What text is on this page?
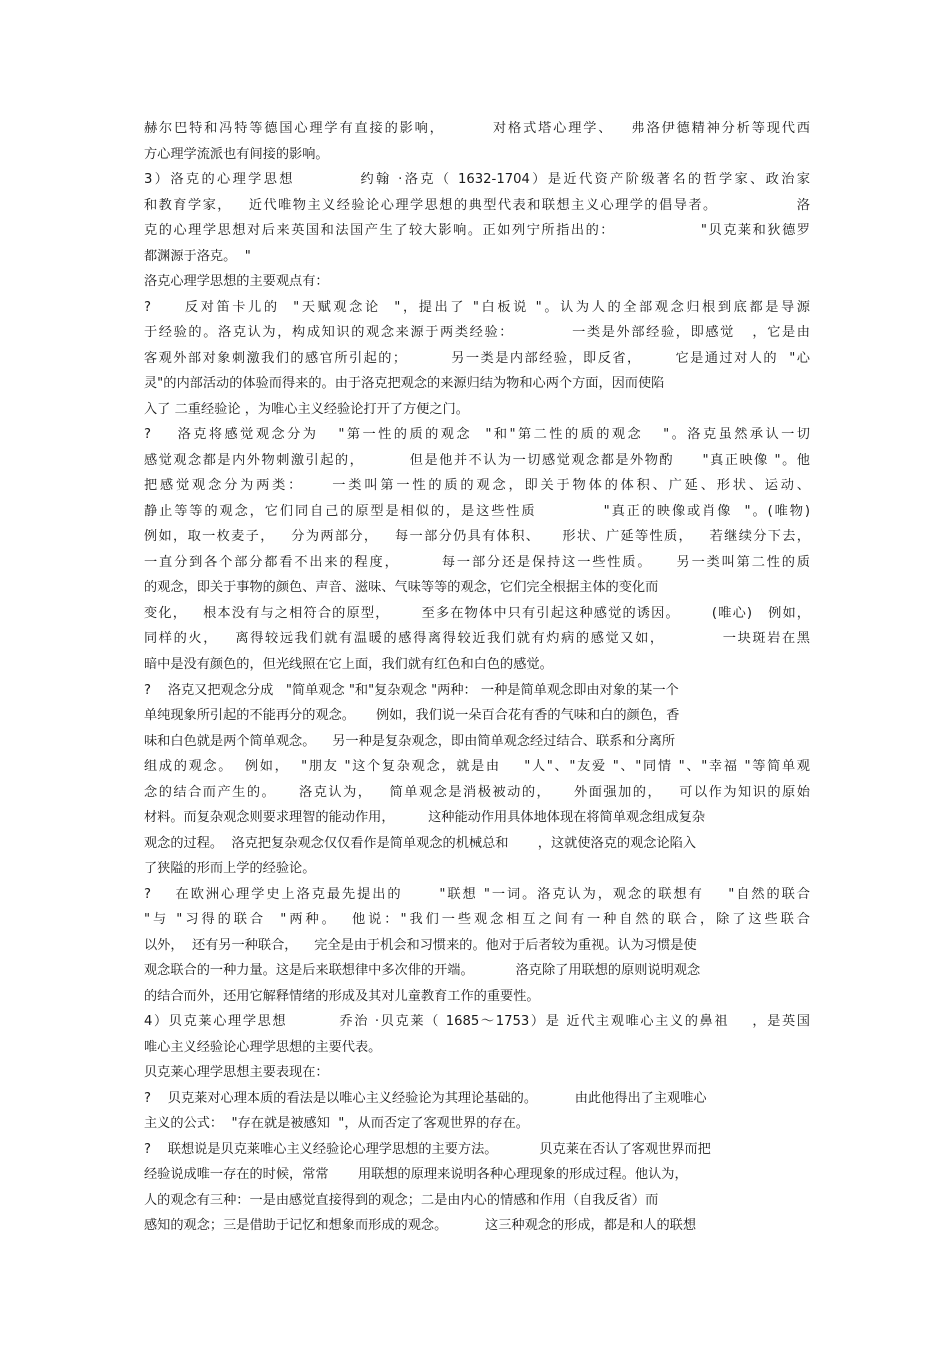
赫尔巴特和冯特等德国心理学有直接的影响，        对格式塔心理学、   弗洛伊德精神分析等现代西
方心理学流派也有间接的影响。
3）洛克的心理学思想          约翰 ·洛克（ 1632-1704）是近代资产阶级著名的哲学家、政治家
和教育学家，   近代唯物主义经验论心理学思想的典型代表和联想主义心理学的倡导者。              洛
克的心理学思想对后来英国和法国产生了较大影响。正如列宁所指出的：               "贝克莱和狄德罗
都渊源于洛克。  "
洛克心理学思想的主要观点有：
?     反对笛卡儿的  "天赋观念论  "，提出了 "白板说 "。认为人的全部观念归根到底都是导源
于经验的。洛克认为，构成知识的观念来源于两类经验：          一类是外部经验，即感觉   ，它是由
客观外部对象刺激我们的感官所引起的；        另一类是内部经验，即反省，      它是通过对人的  "心
灵"的内部活动的体验而得来的。由于洛克把观念的来源归结为物和心两个方面，因而使陷
入了 二重经验论 ，为唯心主义经验论打开了方便之门。
?    洛克将感觉观念分为   "第一性的质的观念  "和"第二性的质的观念   "。洛克虽然承认一切
感觉观念都是内外物刺激引起的，        但是他并不认为一切感觉观念都是外物酌     "真正映像 "。他
把感觉观念分为两类：    一类叫第一性的质的观念，即关于物体的体积、广延、形状、运动、
静止等等的观念，它们同自己的原型是相似的，是这些性质           "真正的映像或肖像  "。(唯物)
例如，取一枚麦子，   分为两部分，   每一部分仍具有体积、    形状、广延等性质，   若继续分下去，
一直分到各个部分都看不出来的程度，       每一部分还是保持这一些性质。    另一类叫第二性的质
的观念，即关于事物的颜色、声音、滋味、气味等等的观念，它们完全根据主体的变化而
变化，   根本没有与之相符合的原型，      至多在物体中只有引起这种感觉的诱因。      (唯心)   例如，
同样的火，   离得较远我们就有温暖的感得离得较近我们就有灼病的感觉又如，          一块斑岩在黑
暗中是没有颜色的，但光线照在它上面，我们就有红色和白色的感觉。
?    洛克又把观念分成   "简单观念 "和"复杂观念 "两种： 一种是简单观念即由对象的某一个
单纯现象所引起的不能再分的观念。     例如，我们说一朵百合花有香的气味和白的颜色，香
味和白色就是两个简单观念。    另一种是复杂观念，即由简单观念经过结合、联系和分离所
组成的观念。  例如，  "朋友 "这个复杂观念，就是由    "人"、"友爱 "、"同情 "、"幸福 "等简单观
念的结合而产生的。    洛克认为，   简单观念是消极被动的，    外面强加的，   可以作为知识的原始
材料。而复杂观念则要求理智的能动作用，        这种能动作用具体地体现在将简单观念组成复杂
观念的过程。  洛克把复杂观念仅仅看作是简单观念的机械总和       ，这就使洛克的观念论陷入
了狭隘的形而上学的经验论。
?    在欧洲心理学史上洛克最先提出的      "联想 "一词。洛克认为，观念的联想有    "自然的联合
"与 "习得的联合  "两种。  他说："我们一些观念相互之间有一种自然的联合，除了这些联合
以外，  还有另一种联合，    完全是由于机会和习惯来的。他对于后者较为重视。认为习惯是使
观念联合的一种力量。这是后来联想律中多次俳的开端。          洛克除了用联想的原则说明观念
的结合而外，还用它解释情绪的形成及其对儿童教育工作的重要性。
4）贝克莱心理学思想         乔治 ·贝克莱（ 1685～1753）是 近代主观唯心主义的鼻祖    ，是英国
唯心主义经验论心理学思想的主要代表。
贝克莱心理学思想主要表现在：
?    贝克莱对心理本质的看法是以唯心主义经验论为其理论基础的。         由此他得出了主观唯心
主义的公式：  "存在就是被感知  "，从而否定了客观世界的存在。
?    联想说是贝克莱唯心主义经验论心理学思想的主要方法。          贝克莱在否认了客观世界而把
经验说成唯一存在的时候，常常       用联想的原理来说明各种心理现象的形成过程。他认为，
人的观念有三种：一是由感觉直接得到的观念；二是由内心的情感和作用（自我反省）而
感知的观念；三是借助于记忆和想象而形成的观念。         这三种观念的形成，都是和人的联想
